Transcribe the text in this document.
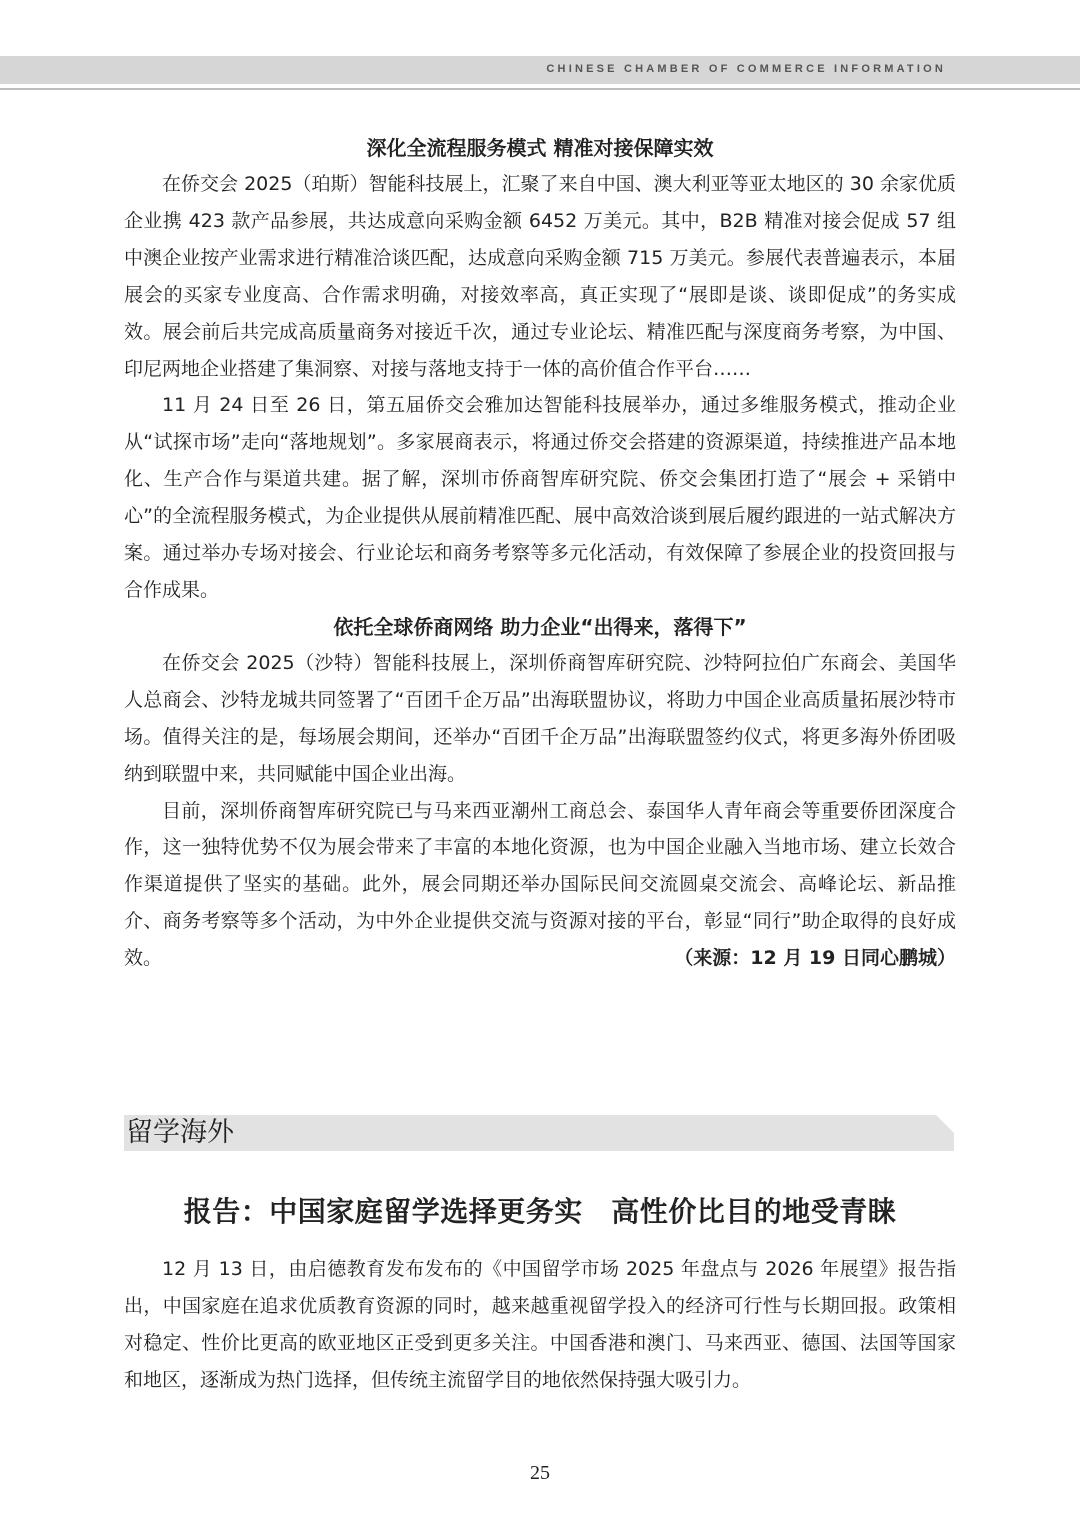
CHINESE CHAMBER OF COMMERCE INFORMATION

深化全流程服务模式 精准对接保障实效

在侨交会 2025（珀斯）智能科技展上，汇聚了来自中国、澳大利亚等亚太地区的 30 余家优质企业携 423 款产品参展，共达成意向采购金额 6452 万美元。其中，B2B 精准对接会促成 57 组中澳企业按产业需求进行精准洽谈匹配，达成意向采购金额 715 万美元。参展代表普遍表示，本届展会的买家专业度高、合作需求明确，对接效率高，真正实现了“展即是谈、谈即促成”的务实成效。展会前后共完成高质量商务对接近千次，通过专业论坛、精准匹配与深度商务考察，为中国、印尼两地企业搭建了集洞察、对接与落地支持于一体的高价值合作平台……

11 月 24 日至 26 日，第五届侨交会雅加达智能科技展举办，通过多维服务模式，推动企业从“试探市场”走向“落地规划”。多家展商表示，将通过侨交会搭建的资源渠道，持续推进产品本地化、生产合作与渠道共建。据了解，深圳市侨商智库研究院、侨交会集团打造了“展会 + 采销中心”的全流程服务模式，为企业提供从展前精准匹配、展中高效洽谈到展后履约跟进的一站式解决方案。通过举办专场对接会、行业论坛和商务考察等多元化活动，有效保障了参展企业的投资回报与合作成果。

依托全球侨商网络 助力企业“出得来，落得下”

在侨交会 2025（沙特）智能科技展上，深圳侨商智库研究院、沙特阿拉伯广东商会、美国华人总商会、沙特龙城共同签署了“百团千企万品”出海联盟协议，将助力中国企业高质量拓展沙特市场。值得关注的是，每场展会期间，还举办“百团千企万品”出海联盟签约仪式，将更多海外侨团吸纳到联盟中来，共同赋能中国企业出海。

目前，深圳侨商智库研究院已与马来西亚潮州工商总会、泰国华人青年商会等重要侨团深度合作，这一独特优势不仅为展会带来了丰富的本地化资源，也为中国企业融入当地市场、建立长效合作渠道提供了坚实的基础。此外，展会同期还举办国际民间交流圆桌交流会、高峰论坛、新品推介、商务考察等多个活动，为中外企业提供交流与资源对接的平台，彰显“同行”助企取得的良好成效。	（来源：12 月 19 日同心鹏城）
留学海外
报告：中国家庭留学选择更务实　高性价比目的地受青睐

12 月 13 日，由启德教育发布发布的《中国留学市场 2025 年盘点与 2026 年展望》报告指出，中国家庭在追求优质教育资源的同时，越来越重视留学投入的经济可行性与长期回报。政策相对稳定、性价比更高的欧亚地区正受到更多关注。中国香港和澳门、马来西亚、德国、法国等国家和地区，逐渐成为热门选择，但传统主流留学目的地依然保持强大吸引力。

25
